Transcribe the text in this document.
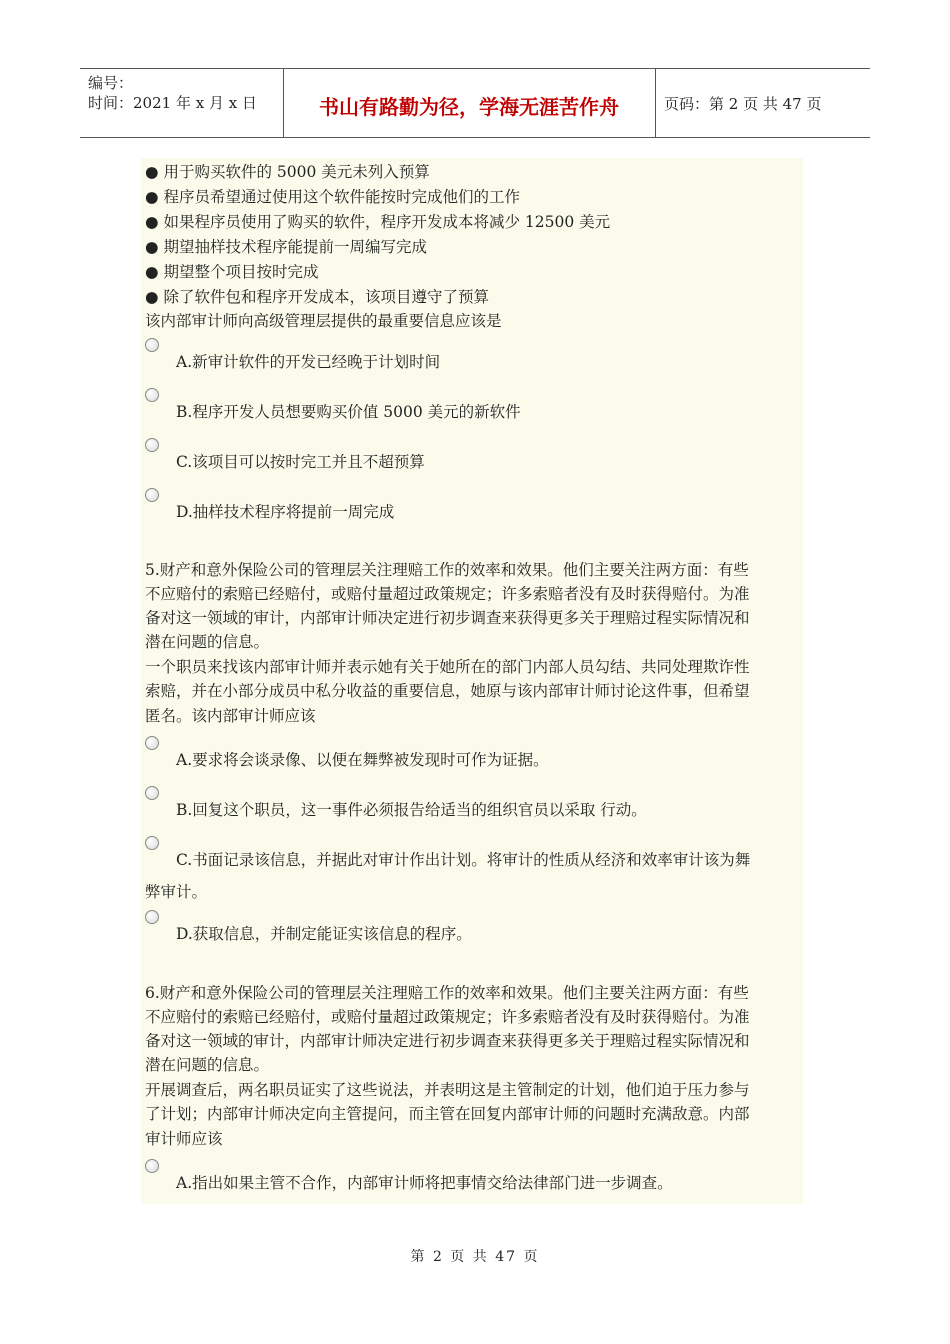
编号：
时间：2021 年 x 月 x 日	书山有路勤为径，学海无涯苦作舟	页码：第 2 页 共 47 页
● 用于购买软件的 5000 美元未列入预算
● 程序员希望通过使用这个软件能按时完成他们的工作
● 如果程序员使用了购买的软件，程序开发成本将减少 12500 美元
● 期望抽样技术程序能提前一周编写完成
● 期望整个项目按时完成
● 除了软件包和程序开发成本，该项目遵守了预算
该内部审计师向高级管理层提供的最重要信息应该是
A.新审计软件的开发已经晚于计划时间
B.程序开发人员想要购买价值 5000 美元的新软件
C.该项目可以按时完工并且不超预算
D.抽样技术程序将提前一周完成
5.财产和意外保险公司的管理层关注理赔工作的效率和效果。他们主要关注两方面：有些
不应赔付的索赔已经赔付，或赔付量超过政策规定；许多索赔者没有及时获得赔付。为准
备对这一领域的审计，内部审计师决定进行初步调查来获得更多关于理赔过程实际情况和
潜在问题的信息。
一个职员来找该内部审计师并表示她有关于她所在的部门内部人员勾结、共同处理欺诈性
索赔，并在小部分成员中私分收益的重要信息，她原与该内部审计师讨论这件事，但希望
匿名。该内部审计师应该
A.要求将会谈录像、以便在舞弊被发现时可作为证据。
B.回复这个职员，这一事件必须报告给适当的组织官员以采取 行动。
C.书面记录该信息，并据此对审计作出计划。将审计的性质从经济和效率审计该为舞
弊审计。
D.获取信息，并制定能证实该信息的程序。
6.财产和意外保险公司的管理层关注理赔工作的效率和效果。他们主要关注两方面：有些
不应赔付的索赔已经赔付，或赔付量超过政策规定；许多索赔者没有及时获得赔付。为准
备对这一领域的审计，内部审计师决定进行初步调查来获得更多关于理赔过程实际情况和
潜在问题的信息。
开展调查后，两名职员证实了这些说法，并表明这是主管制定的计划，他们迫于压力参与
了计划；内部审计师决定向主管提问，而主管在回复内部审计师的问题时充满敌意。内部
审计师应该
A.指出如果主管不合作，内部审计师将把事情交给法律部门进一步调查。
第 2 页 共 47 页
